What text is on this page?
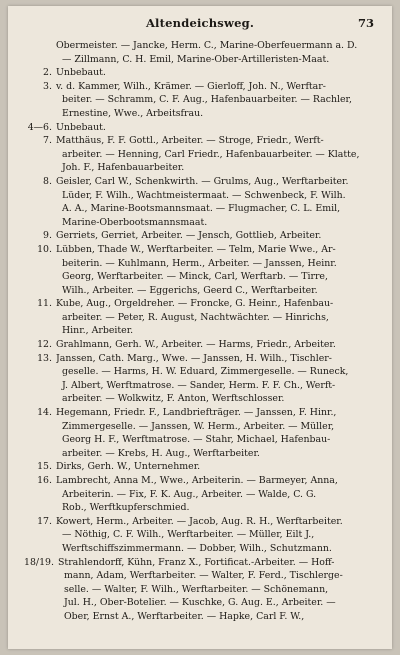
Altendeichsweg.	73
Obermeister. — Jancke, Herm. C., Marine-Oberfeuermann a. D.
— Zillmann, C. H. Emil, Marine-Ober-Artilleristen-Maat.
2. Unbebaut.
3. v. d. Kammer, Wilh., Krämer. — Gierloff, Joh. N., Werftar-
beiter. — Schramm, C. F. Aug., Hafenbauarbeiter. — Rachler,
Ernestine, Wwe., Arbeitsfrau.
4—6. Unbebaut.
7. Matthäus, F. F. Gottl., Arbeiter. — Stroge, Friedr., Werft-
arbeiter. — Henning, Carl Friedr., Hafenbauarbeiter. — Klatte,
Joh. F., Hafenbauarbeiter.
8. Geisler, Carl W., Schenkwirth. — Grulms, Aug., Werftarbeiter.
Lüder, F. Wilh., Wachtmeistermaat. — Schwenbeck, F. Wilh.
A. A., Marine-Bootsmannsmaat. — Flugmacher, C. L. Emil,
Marine-Oberbootsmannsmaat.
9. Gerriets, Gerriet, Arbeiter. — Jensch, Gottlieb, Arbeiter.
10. Lübben, Thade W., Werftarbeiter. — Telm, Marie Wwe., Ar-
beiterin. — Kuhlmann, Herm., Arbeiter. — Janssen, Heinr.
Georg, Werftarbeiter. — Minck, Carl, Werftarb. — Tirre,
Wilh., Arbeiter. — Eggerichs, Geerd C., Werftarbeiter.
11. Kube, Aug., Orgeldreher. — Froncke, G. Heinr., Hafenbau-
arbeiter. — Peter, R. August, Nachtwächter. — Hinrichs,
Hinr., Arbeiter.
12. Grahlmann, Gerh. W., Arbeiter. — Harms, Friedr., Arbeiter.
13. Janssen, Cath. Marg., Wwe. — Janssen, H. Wilh., Tischler-
geselle. — Harms, H. W. Eduard, Zimmergeselle. — Runeck,
J. Albert, Werftmatrose. — Sander, Herm. F. F. Ch., Werft-
arbeiter. — Wolkwitz, F. Anton, Werftschlosser.
14. Hegemann, Friedr. F., Landbriefträger. — Janssen, F. Hinr.,
Zimmergeselle. — Janssen, W. Herm., Arbeiter. — Müller,
Georg H. F., Werftmatrose. — Stahr, Michael, Hafenbau-
arbeiter. — Krebs, H. Aug., Werftarbeiter.
15. Dirks, Gerh. W., Unternehmer.
16. Lambrecht, Anna M., Wwe., Arbeiterin. — Barmeyer, Anna,
Arbeiterin. — Fix, F. K. Aug., Arbeiter. — Walde, C. G.
Rob., Werftkupferschmied.
17. Kowert, Herm., Arbeiter. — Jacob, Aug. R. H., Werftarbeiter.
— Nöthig, C. F. Wilh., Werftarbeiter. — Müller, Eilt J.,
Werftschiffszimmermann. — Dobber, Wilh., Schutzmann.
18/19. Strahlendorff, Kühn, Franz X., Fortificat.-Arbeiter. — Hoff-
mann, Adam, Werftarbeiter. — Walter, F. Ferd., Tischlerge-
selle. — Walter, F. Wilh., Werftarbeiter. — Schönemann,
Jul. H., Ober-Botelier. — Kuschke, G. Aug. E., Arbeiter. —
Ober, Ernst A., Werftarbeiter. — Hapke, Carl F. W.,
